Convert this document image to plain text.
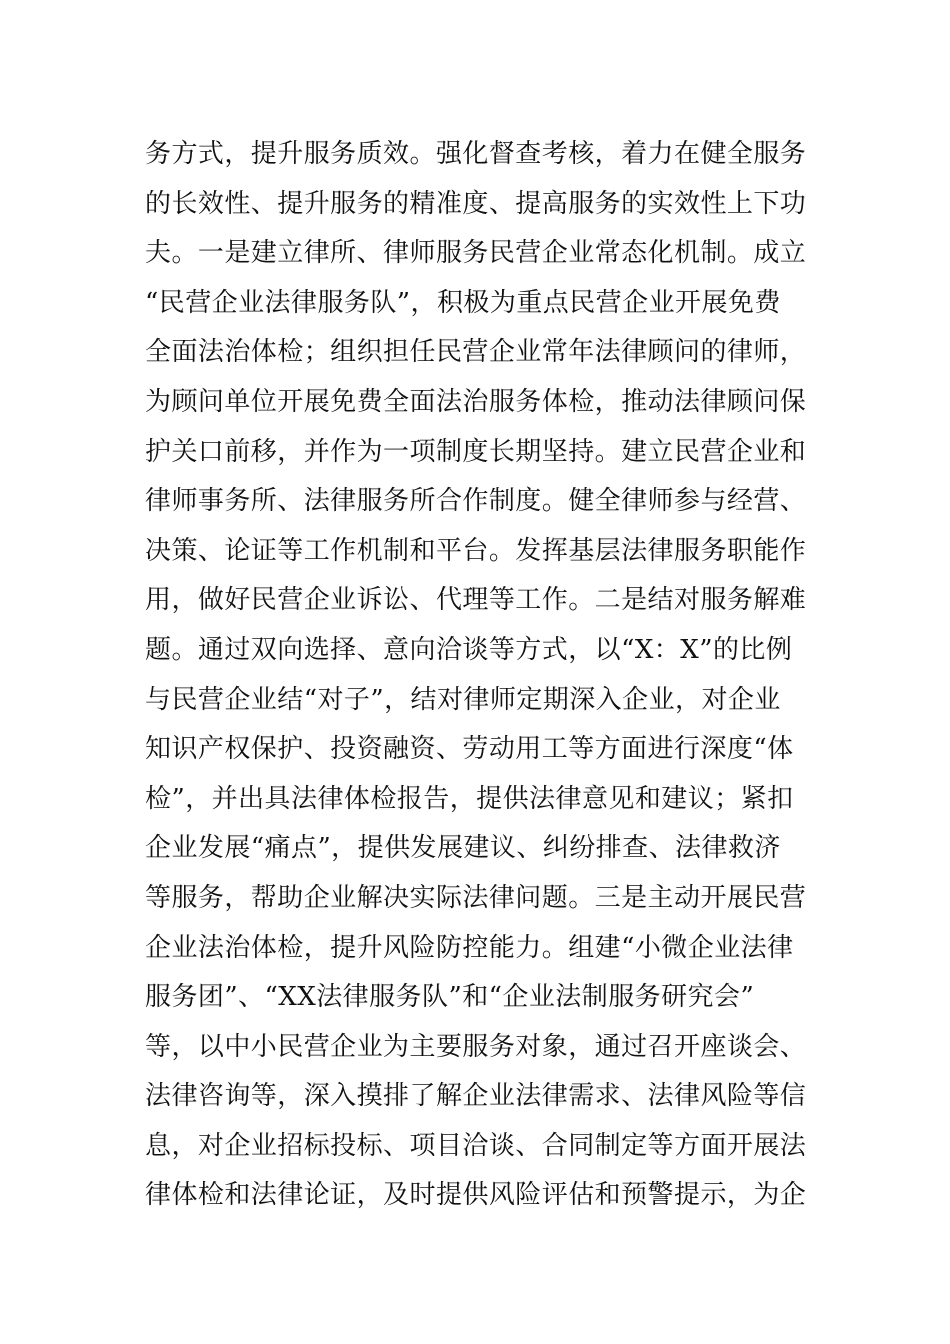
务方式，提升服务质效。强化督查考核，着力在健全服务
的长效性、提升服务的精准度、提高服务的实效性上下功
夫。一是建立律所、律师服务民营企业常态化机制。成立
“民营企业法律服务队”，积极为重点民营企业开展免费
全面法治体检；组织担任民营企业常年法律顾问的律师，
为顾问单位开展免费全面法治服务体检，推动法律顾问保
护关口前移，并作为一项制度长期坚持。建立民营企业和
律师事务所、法律服务所合作制度。健全律师参与经营、
决策、论证等工作机制和平台。发挥基层法律服务职能作
用，做好民营企业诉讼、代理等工作。二是结对服务解难
题。通过双向选择、意向洽谈等方式，以“X：X”的比例
与民营企业结“对子”，结对律师定期深入企业，对企业
知识产权保护、投资融资、劳动用工等方面进行深度“体
检”，并出具法律体检报告，提供法律意见和建议；紧扣
企业发展“痛点”，提供发展建议、纠纷排查、法律救济
等服务，帮助企业解决实际法律问题。三是主动开展民营
企业法治体检，提升风险防控能力。组建“小微企业法律
服务团”、“XX法律服务队”和“企业法制服务研究会”
等，以中小民营企业为主要服务对象，通过召开座谈会、
法律咨询等，深入摸排了解企业法律需求、法律风险等信
息，对企业招标投标、项目洽谈、合同制定等方面开展法
律体检和法律论证，及时提供风险评估和预警提示，为企
